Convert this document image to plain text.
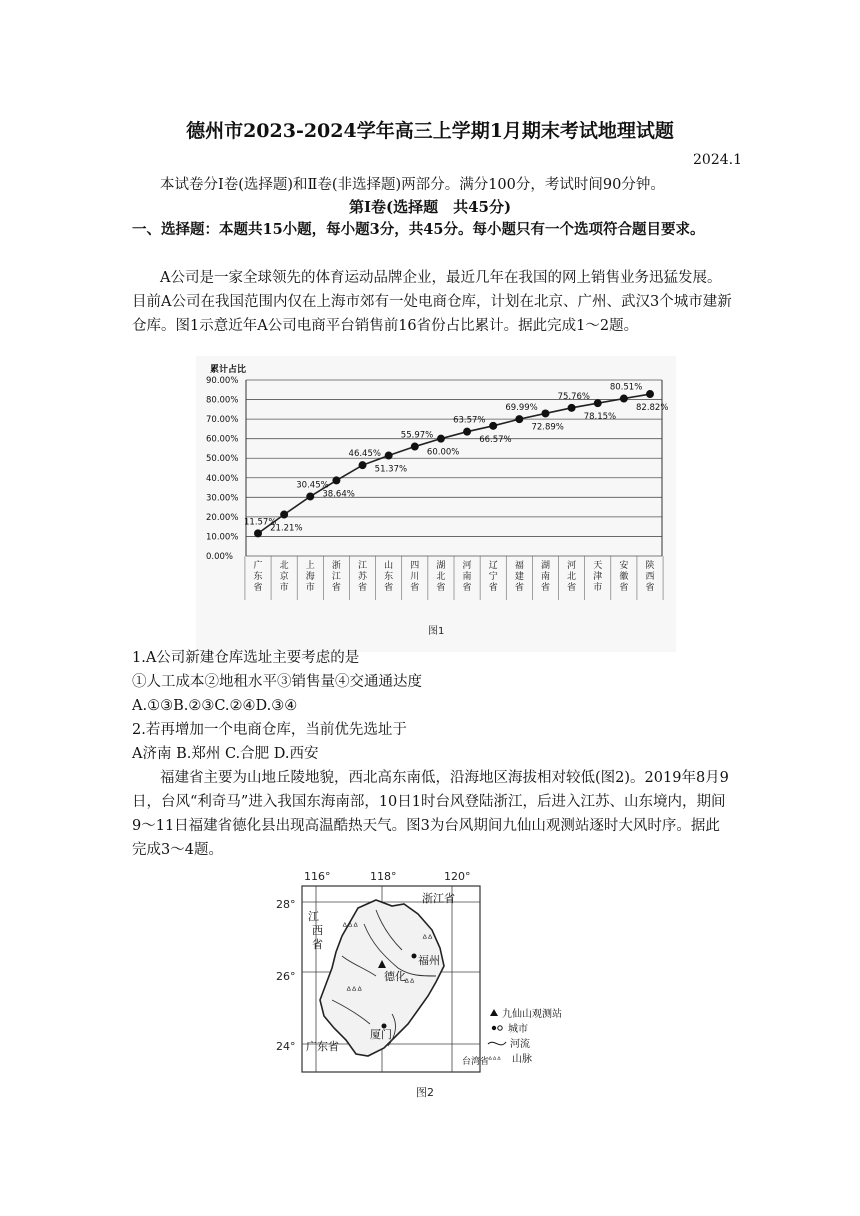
德州市2023-2024学年高三上学期1月期末考试地理试题
2024.1
本试卷分Ⅰ卷(选择题)和Ⅱ卷(非选择题)两部分。满分100分，考试时间90分钟。
第Ⅰ卷(选择题　共45分)
一、选择题：本题共15小题，每小题3分，共45分。每小题只有一个选项符合题目要求。
A公司是一家全球领先的体育运动品牌企业，最近几年在我国的网上销售业务迅猛发展。目前A公司在我国范围内仅在上海市郊有一处电商仓库，计划在北京、广州、武汉3个城市建新仓库。图1示意近年A公司电商平台销售前16省份占比累计。据此完成1～2题。
累计占比
0.00%
10.00%
20.00%
30.00%
40.00%
50.00%
60.00%
70.00%
80.00%
90.00%
11.57%
21.21%
30.45%
38.64%
46.45%
51.37%
55.97%
60.00%
63.57%
66.57%
69.99%
72.89%
75.76%
78.15%
80.51%
82.82%
广东省
北京市
上海市
浙江省
江苏省
山东省
四川省
湖北省
河南省
辽宁省
福建省
湖南省
河北省
天津市
安徽省
陕西省
图1
1.A公司新建仓库选址主要考虑的是
①人工成本②地租水平③销售量④交通通达度
A.①③B.②③C.②④D.③④
2.若再增加一个电商仓库，当前优先选址于
A济南 B.郑州 C.合肥 D.西安
福建省主要为山地丘陵地貌，西北高东南低，沿海地区海拔相对较低(图2)。2019年8月9日，台风“利奇马”进入我国东海南部，10日1时台风登陆浙江，后进入江苏、山东境内，期间9～11日福建省德化县出现高温酷热天气。图3为台风期间九仙山观测站逐时大风时序。据此完成3～4题。
116°	118°	120°
28°
26°
24°
ᐞᐞᐞ
ᐞᐞ
ᐞᐞᐞ
ᐞᐞ
江
西
省
浙江省
福州
德化
厦门
广东省
台湾省
九仙山观测站
城市
河流
ᐞᐞᐞ 山脉
图2
